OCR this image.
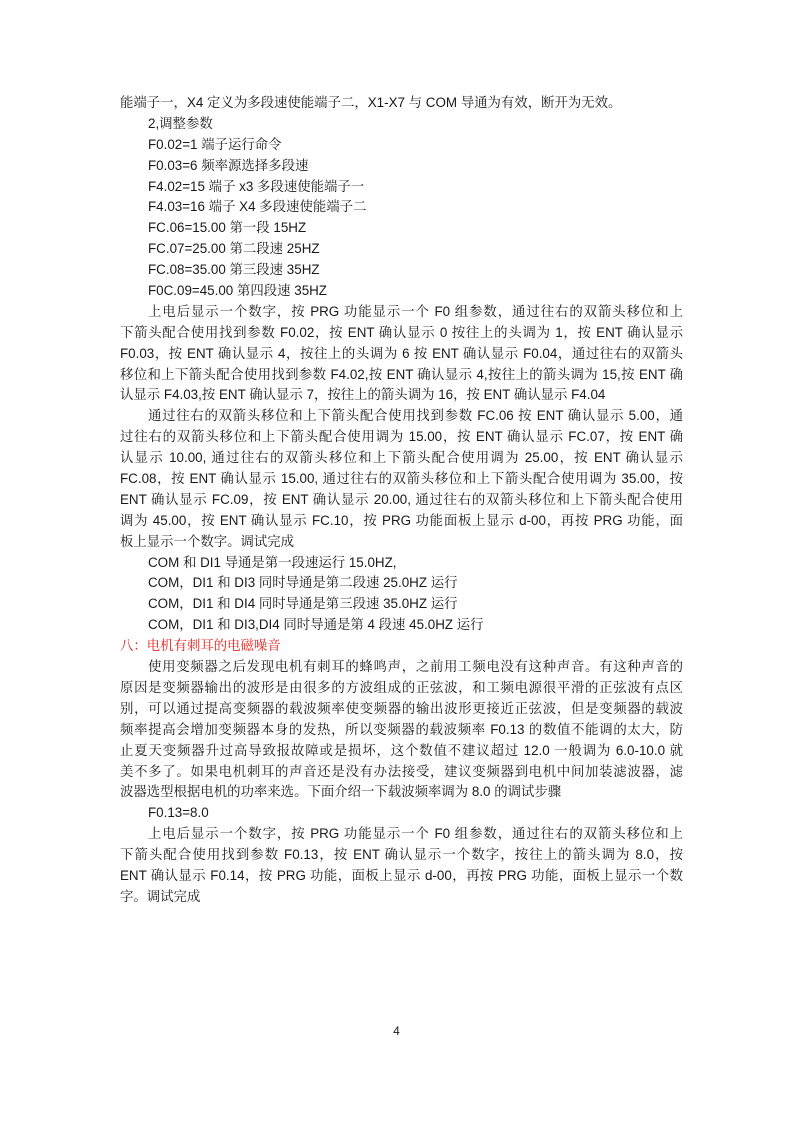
能端子一，X4 定义为多段速使能端子二，X1-X7 与 COM 导通为有效，断开为无效。
2,调整参数
F0.02=1 端子运行命令
F0.03=6 频率源选择多段速
F4.02=15 端子 x3 多段速使能端子一
F4.03=16 端子 X4 多段速使能端子二
FC.06=15.00 第一段 15HZ
FC.07=25.00 第二段速 25HZ
FC.08=35.00 第三段速 35HZ
F0C.09=45.00 第四段速 35HZ
上电后显示一个数字，按 PRG 功能显示一个 F0 组参数，通过往右的双箭头移位和上
下箭头配合使用找到参数 F0.02，按 ENT 确认显示 0 按往上的头调为 1，按 ENT 确认显示
F0.03，按 ENT 确认显示 4，按往上的头调为 6 按 ENT 确认显示 F0.04，通过往右的双箭头
移位和上下箭头配合使用找到参数 F4.02,按 ENT 确认显示 4,按往上的箭头调为 15,按 ENT 确
认显示 F4.03,按 ENT 确认显示 7，按往上的箭头调为 16，按 ENT 确认显示 F4.04
通过往右的双箭头移位和上下箭头配合使用找到参数 FC.06 按 ENT 确认显示 5.00，通
过往右的双箭头移位和上下箭头配合使用调为 15.00，按 ENT 确认显示 FC.07，按 ENT 确
认显示 10.00, 通过往右的双箭头移位和上下箭头配合使用调为 25.00，按 ENT 确认显示
FC.08，按 ENT 确认显示 15.00, 通过往右的双箭头移位和上下箭头配合使用调为 35.00，按
ENT 确认显示 FC.09，按 ENT 确认显示 20.00, 通过往右的双箭头移位和上下箭头配合使用
调为 45.00，按 ENT 确认显示 FC.10，按 PRG 功能面板上显示 d-00，再按 PRG 功能，面
板上显示一个数字。调试完成
COM 和 DI1 导通是第一段速运行 15.0HZ,
COM，DI1 和 DI3 同时导通是第二段速 25.0HZ 运行
COM，DI1 和 DI4 同时导通是第三段速 35.0HZ 运行
COM，DI1 和 DI3,DI4 同时导通是第 4 段速 45.0HZ 运行
八：电机有刺耳的电磁噪音
使用变频器之后发现电机有刺耳的蜂鸣声，之前用工频电没有这种声音。有这种声音的
原因是变频器输出的波形是由很多的方波组成的正弦波，和工频电源很平滑的正弦波有点区
别，可以通过提高变频器的载波频率使变频器的输出波形更接近正弦波，但是变频器的载波
频率提高会增加变频器本身的发热，所以变频器的载波频率 F0.13 的数值不能调的太大，防
止夏天变频器升过高导致报故障或是损坏，这个数值不建议超过 12.0 一般调为 6.0-10.0 就
美不多了。如果电机刺耳的声音还是没有办法接受，建议变频器到电机中间加装滤波器，滤
波器选型根据电机的功率来选。下面介绍一下载波频率调为 8.0 的调试步骤
F0.13=8.0
上电后显示一个数字，按 PRG 功能显示一个 F0 组参数，通过往右的双箭头移位和上
下箭头配合使用找到参数 F0.13，按 ENT 确认显示一个数字，按往上的箭头调为 8.0，按
ENT 确认显示 F0.14，按 PRG 功能，面板上显示 d-00，再按 PRG 功能，面板上显示一个数
字。调试完成
4
